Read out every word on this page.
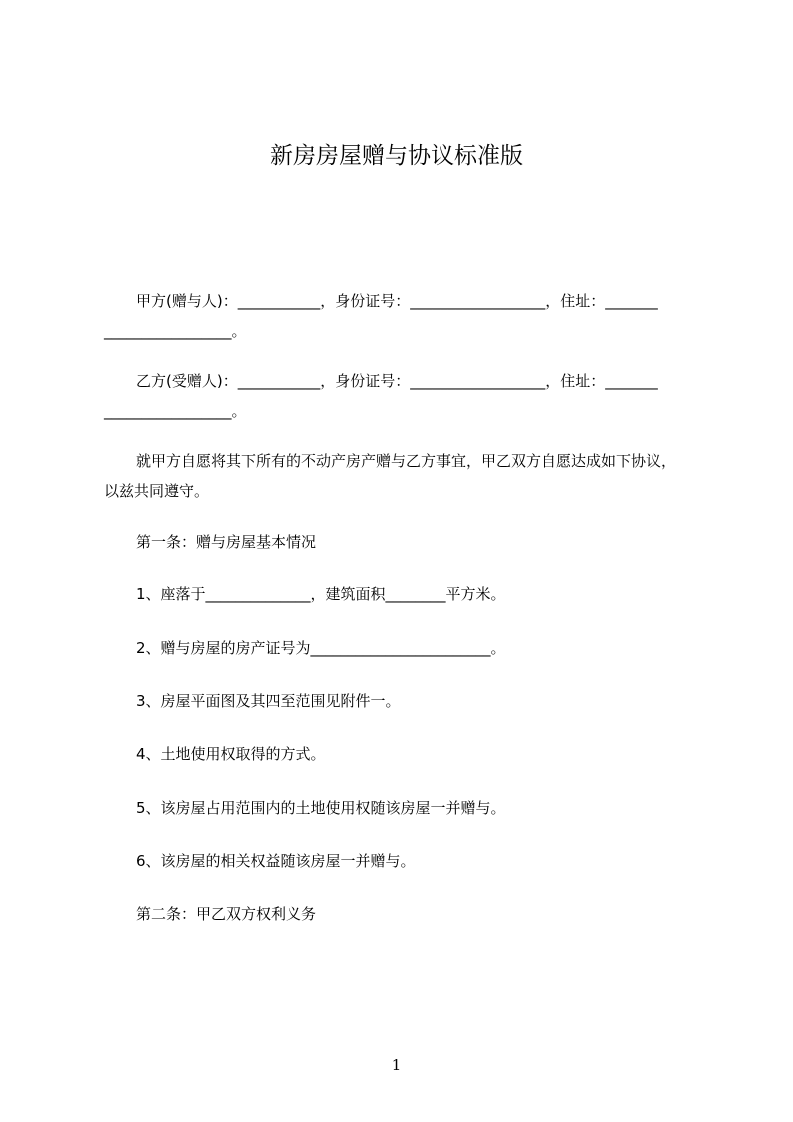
新房房屋赠与协议标准版

甲方(赠与人)：___________，身份证号：__________________，住址：_______
_________________。

乙方(受赠人)：___________，身份证号：__________________，住址：_______
_________________。

就甲方自愿将其下所有的不动产房产赠与乙方事宜，甲乙双方自愿达成如下协议，
以兹共同遵守。

第一条：赠与房屋基本情况

1、座落于______________，建筑面积________平方米。

2、赠与房屋的房产证号为________________________。

3、房屋平面图及其四至范围见附件一。

4、土地使用权取得的方式。

5、该房屋占用范围内的土地使用权随该房屋一并赠与。

6、该房屋的相关权益随该房屋一并赠与。

第二条：甲乙双方权利义务

1
